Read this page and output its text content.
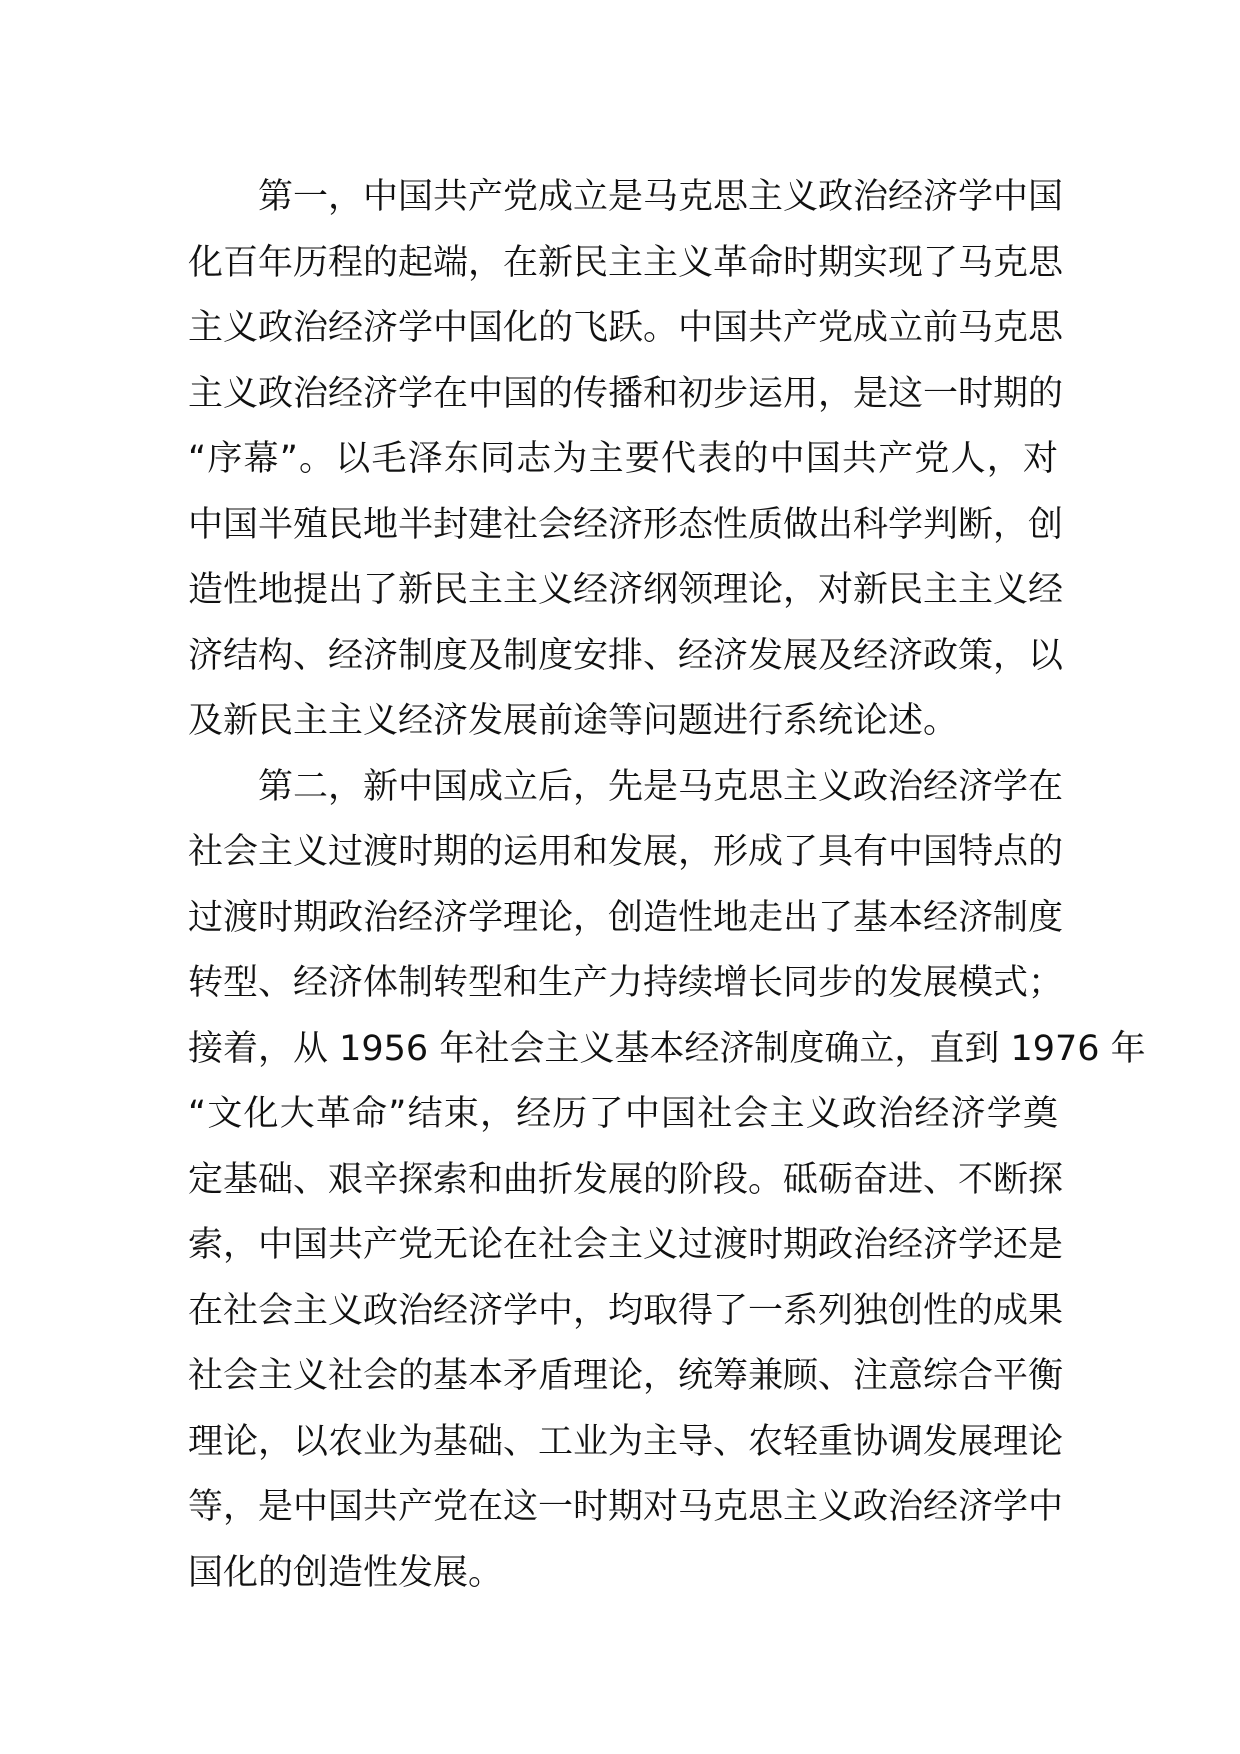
第一，中国共产党成立是马克思主义政治经济学中国
化百年历程的起端，在新民主主义革命时期实现了马克思
主义政治经济学中国化的飞跃。中国共产党成立前马克思
主义政治经济学在中国的传播和初步运用，是这一时期的
“序幕”。以毛泽东同志为主要代表的中国共产党人，对
中国半殖民地半封建社会经济形态性质做出科学判断，创
造性地提出了新民主主义经济纲领理论，对新民主主义经
济结构、经济制度及制度安排、经济发展及经济政策，以
及新民主主义经济发展前途等问题进行系统论述。
第二，新中国成立后，先是马克思主义政治经济学在
社会主义过渡时期的运用和发展，形成了具有中国特点的
过渡时期政治经济学理论，创造性地走出了基本经济制度
转型、经济体制转型和生产力持续增长同步的发展模式；
接着，从 1956 年社会主义基本经济制度确立，直到 1976 年
“文化大革命”结束，经历了中国社会主义政治经济学奠
定基础、艰辛探索和曲折发展的阶段。砥砺奋进、不断探
索，中国共产党无论在社会主义过渡时期政治经济学还是
在社会主义政治经济学中，均取得了一系列独创性的成果
社会主义社会的基本矛盾理论，统筹兼顾、注意综合平衡
理论，以农业为基础、工业为主导、农轻重协调发展理论
等，是中国共产党在这一时期对马克思主义政治经济学中
国化的创造性发展。
